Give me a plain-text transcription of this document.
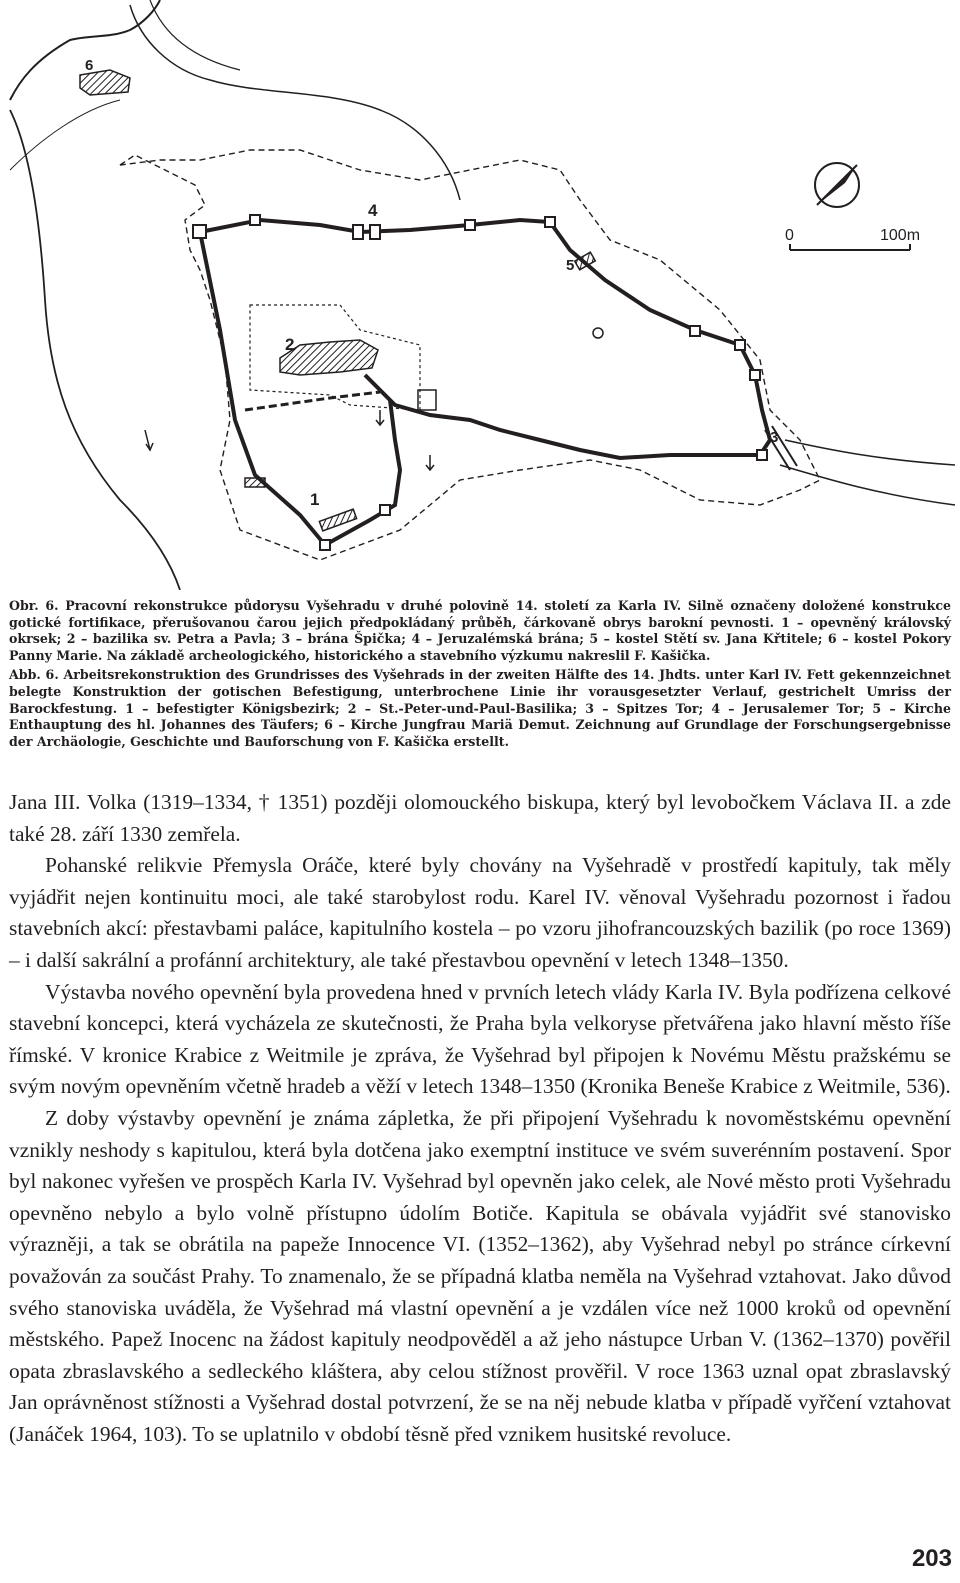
1
2
3
4
5
6
0	100m

Obr. 6. Pracovní rekonstrukce půdorysu Vyšehradu v druhé polovině 14. století za Karla IV. Silně označeny doložené konstrukce gotické fortifikace, přerušovanou čarou jejich předpokládaný průběh, čárkovaně obrys barokní pevnosti. 1 – opevněný královský okrsek; 2 – bazilika sv. Petra a Pavla; 3 – brána Špička; 4 – Jeruzalémská brána; 5 – kostel Stětí sv. Jana Křtitele; 6 – kostel Pokory Panny Marie. Na základě archeologického, historického a stavebního výzkumu nakreslil F. Kašička.

Abb. 6. Arbeitsrekonstruktion des Grundrisses des Vyšehrads in der zweiten Hälfte des 14. Jhdts. unter Karl IV. Fett gekennzeichnet belegte Konstruktion der gotischen Befestigung, unterbrochene Linie ihr vorausgesetzter Verlauf, gestrichelt Umriss der Barockfestung. 1 – befestigter Königsbezirk; 2 – St.-Peter-und-Paul-Basilika; 3 – Spitzes Tor; 4 – Jerusalemer Tor; 5 – Kirche Enthauptung des hl. Johannes des Täufers; 6 – Kirche Jungfrau Mariä Demut. Zeichnung auf Grundlage der Forschungsergebnisse der Archäologie, Geschichte und Bauforschung von F. Kašička erstellt.

Jana III. Volka (1319–1334, † 1351) později olomouckého biskupa, který byl levobočkem Václava II. a zde také 28. září 1330 zemřela.

Pohanské relikvie Přemysla Oráče, které byly chovány na Vyšehradě v prostředí kapituly, tak měly vyjádřit nejen kontinuitu moci, ale také starobylost rodu. Karel IV. věnoval Vyšehradu pozornost i řadou stavebních akcí: přestavbami paláce, kapitulního kostela – po vzoru jihofrancouzských bazilik (po roce 1369) – i další sakrální a profánní architektury, ale také přestavbou opevnění v letech 1348–1350.

Výstavba nového opevnění byla provedena hned v prvních letech vlády Karla IV. Byla podřízena celkové stavební koncepci, která vycházela ze skutečnosti, že Praha byla velkoryse přetvářena jako hlavní město říše římské. V kronice Krabice z Weitmile je zpráva, že Vyšehrad byl připojen k Novému Městu pražskému se svým novým opevněním včetně hradeb a věží v letech 1348–1350 (Kronika Beneše Krabice z Weitmile, 536).

Z doby výstavby opevnění je známa zápletka, že při připojení Vyšehradu k novoměstskému opevnění vznikly neshody s kapitulou, která byla dotčena jako exemptní instituce ve svém suverénním postavení. Spor byl nakonec vyřešen ve prospěch Karla IV. Vyšehrad byl opevněn jako celek, ale Nové město proti Vyšehradu opevněno nebylo a bylo volně přístupno údolím Botiče. Kapitula se obávala vyjádřit své stanovisko výrazněji, a tak se obrátila na papeže Innocence VI. (1352–1362), aby Vyšehrad nebyl po stránce církevní považován za součást Prahy. To znamenalo, že se případná klatba neměla na Vyšehrad vztahovat. Jako důvod svého stanoviska uváděla, že Vyšehrad má vlastní opevnění a je vzdálen více než 1000 kroků od opevnění městského. Papež Inocenc na žádost kapituly neodpověděl a až jeho nástupce Urban V. (1362–1370) pověřil opata zbraslavského a sedleckého kláštera, aby celou stížnost prověřil. V roce 1363 uznal opat zbraslavský Jan oprávněnost stížnosti a Vyšehrad dostal potvrzení, že se na něj nebude klatba v případě vyřčení vztahovat (Janáček 1964, 103). To se uplatnilo v období těsně před vznikem husitské revoluce.

203
